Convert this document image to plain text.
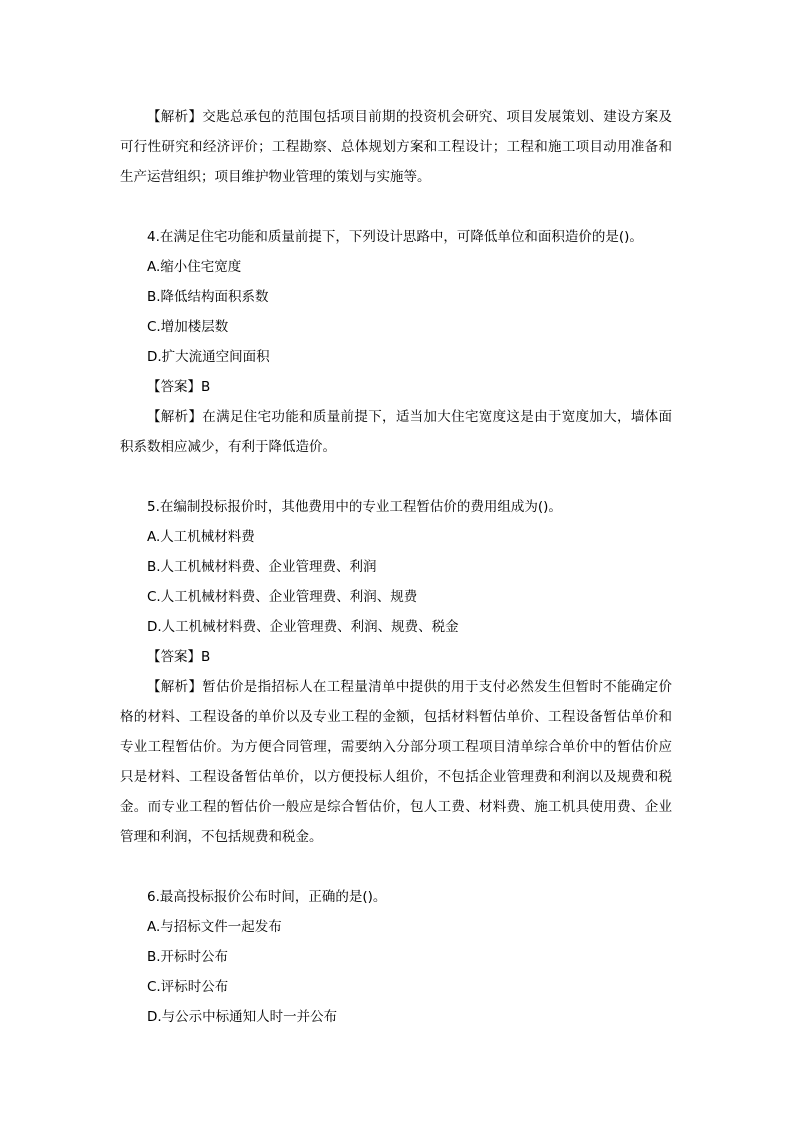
【解析】交匙总承包的范围包括项目前期的投资机会研究、项目发展策划、建设方案及可行性研究和经济评价；工程勘察、总体规划方案和工程设计；工程和施工项目动用准备和生产运营组织；项目维护物业管理的策划与实施等。

4.在满足住宅功能和质量前提下，下列设计思路中，可降低单位和面积造价的是()。

A.缩小住宅宽度

B.降低结构面积系数

C.增加楼层数

D.扩大流通空间面积

【答案】B

【解析】在满足住宅功能和质量前提下，适当加大住宅宽度这是由于宽度加大，墙体面积系数相应减少，有利于降低造价。

5.在编制投标报价时，其他费用中的专业工程暂估价的费用组成为()。

A.人工机械材料费

B.人工机械材料费、企业管理费、利润

C.人工机械材料费、企业管理费、利润、规费

D.人工机械材料费、企业管理费、利润、规费、税金

【答案】B

【解析】暂估价是指招标人在工程量清单中提供的用于支付必然发生但暂时不能确定价格的材料、工程设备的单价以及专业工程的金额，包括材料暂估单价、工程设备暂估单价和专业工程暂估价。为方便合同管理，需要纳入分部分项工程项目清单综合单价中的暂估价应只是材料、工程设备暂估单价，以方便投标人组价，不包括企业管理费和利润以及规费和税金。而专业工程的暂估价一般应是综合暂估价，包人工费、材料费、施工机具使用费、企业管理和利润，不包括规费和税金。

6.最高投标报价公布时间，正确的是()。

A.与招标文件一起发布

B.开标时公布

C.评标时公布

D.与公示中标通知人时一并公布
